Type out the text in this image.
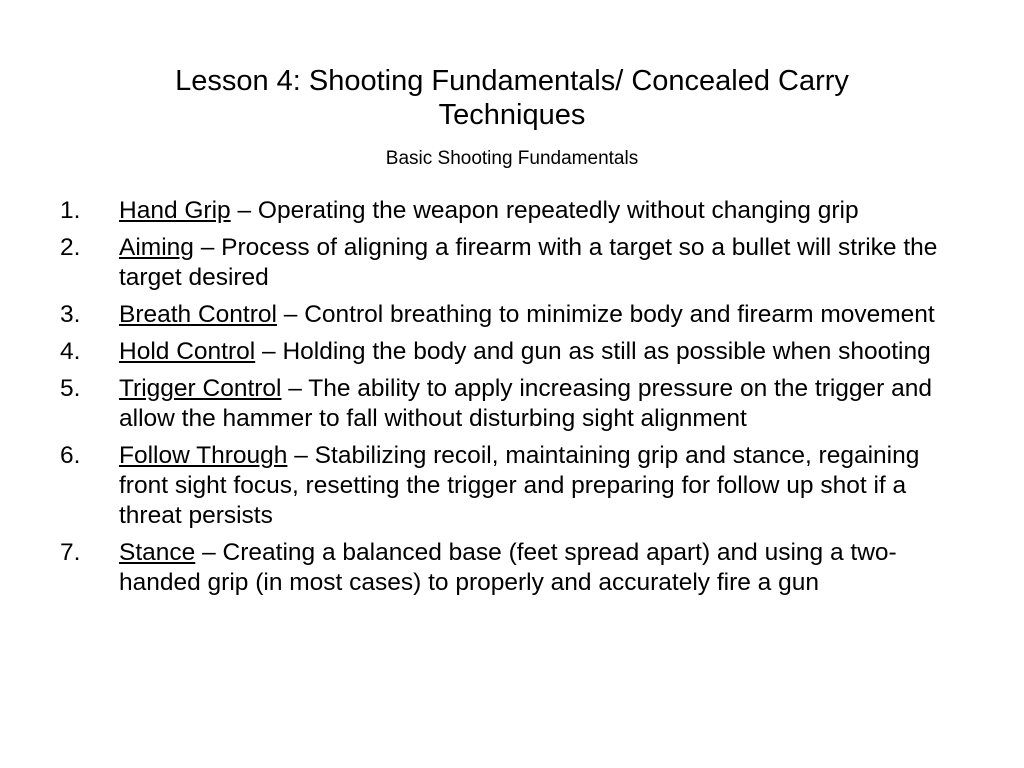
Lesson 4: Shooting Fundamentals/ Concealed Carry Techniques
Basic Shooting Fundamentals
1.	Hand Grip – Operating the weapon repeatedly without changing grip
2.	Aiming – Process of aligning a firearm with a target so a bullet will strike the target desired
3.	Breath Control – Control breathing to minimize body and firearm movement
4.	Hold Control – Holding the body and gun as still as possible when shooting
5.	Trigger Control – The ability to apply increasing pressure on the trigger and allow the hammer to fall without disturbing sight alignment
6.	Follow Through – Stabilizing recoil, maintaining grip and stance, regaining front sight focus, resetting the trigger and preparing for follow up shot if a threat persists
7.	Stance – Creating a balanced base (feet spread apart) and using a two-handed grip (in most cases) to properly and accurately fire a gun
